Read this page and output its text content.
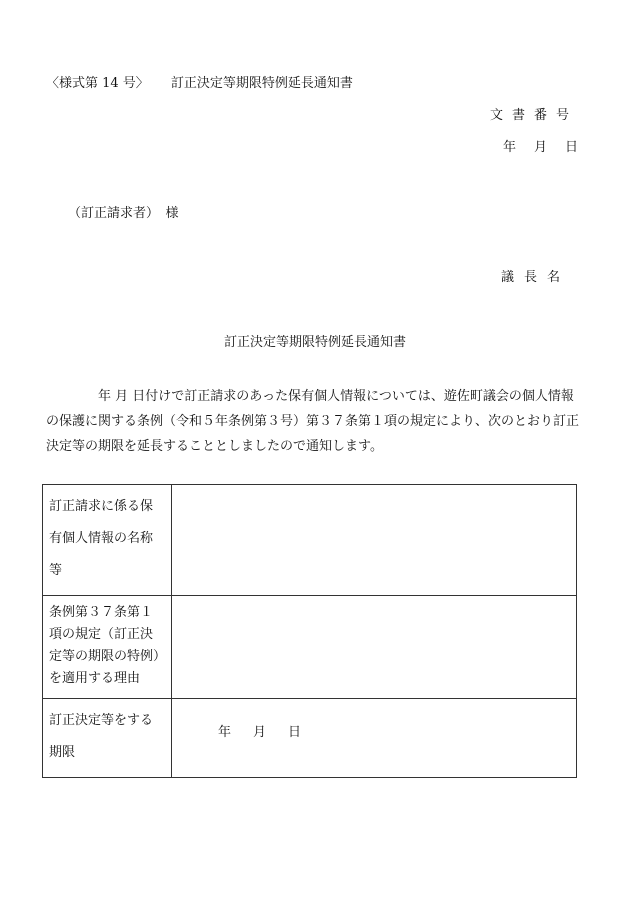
〈様式第 14 号〉 訂正決定等期限特例延長通知書
文書番号
年 月 日
（訂正請求者）　様
議長名
訂正決定等期限特例延長通知書
年 月 日付けで訂正請求のあった保有個人情報については、遊佐町議会の個人情報の保護に関する条例（令和５年条例第３号）第３７条第１項の規定により、次のとおり訂正決定等の期限を延長することとしましたので通知します。
訂正請求に係る保有個人情報の名称等	
条例第３７条第１項の規定（訂正決定等の期限の特例）を適用する理由	
訂正決定等をする期限	年 月 日
